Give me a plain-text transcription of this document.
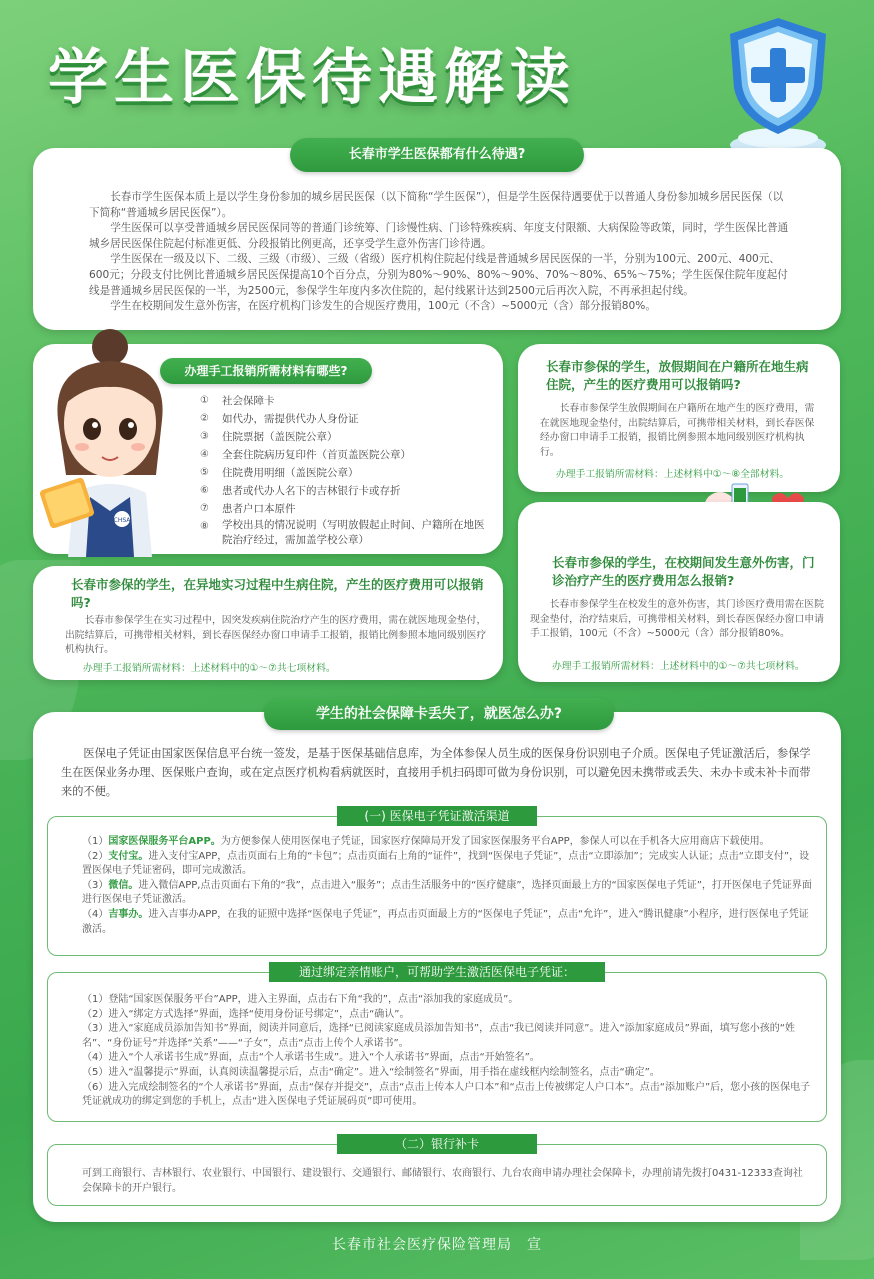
学生医保待遇解读

长春市学生医保本质上是以学生身份参加的城乡居民医保（以下简称“学生医保”），但是学生医保待遇要优于以普通人身份参加城乡居民医保（以下简称“普通城乡居民医保”）。

学生医保可以享受普通城乡居民医保同等的普通门诊统筹、门诊慢性病、门诊特殊疾病、年度支付限额、大病保险等政策，同时，学生医保比普通城乡居民医保住院起付标准更低、分段报销比例更高，还享受学生意外伤害门诊待遇。

学生医保在一级及以下、二级、三级（市级）、三级（省级）医疗机构住院起付线是普通城乡居民医保的一半，分别为100元、200元、400元、600元；分段支付比例比普通城乡居民医保提高10个百分点，分别为80%～90%、80%～90%、70%～80%、65%～75%；学生医保住院年度起付线是普通城乡居民医保的一半，为2500元，参保学生年度内多次住院的，起付线累计达到2500元后再次入院，不再承担起付线。

学生在校期间发生意外伤害，在医疗机构门诊发生的合规医疗费用，100元（不含）~5000元（含）部分报销80%。

长春市学生医保都有什么待遇?
办理手工报销所需材料有哪些?
①	社会保障卡
②	如代办，需提供代办人身份证
③	住院票据（盖医院公章）
④	全套住院病历复印件（首页盖医院公章）
⑤	住院费用明细（盖医院公章）
⑥	患者或代办人名下的吉林银行卡或存折
⑦	患者户口本原件
⑧	学校出具的情况说明（写明放假起止时间、户籍所在地医院治疗经过，需加盖学校公章）
CHSA
长春市参保的学生，放假期间在户籍所在地生病住院，产生的医疗费用可以报销吗?

长春市参保学生放假期间在户籍所在地产生的医疗费用，需在就医地现金垫付，出院结算后，可携带相关材料，到长春医保经办窗口申请手工报销，报销比例参照本地同级别医疗机构执行。

办理手工报销所需材料：上述材料中①～⑧全部材料。

长春市参保的学生，在异地实习过程中生病住院，产生的医疗费用可以报销吗?

长春市参保学生在实习过程中，因突发疾病住院治疗产生的医疗费用，需在就医地现金垫付，出院结算后，可携带相关材料，到长春医保经办窗口申请手工报销，报销比例参照本地同级别医疗机构执行。

办理手工报销所需材料：上述材料中的①～⑦共七项材料。

长春市参保的学生，在校期间发生意外伤害，门诊治疗产生的医疗费用怎么报销?

长春市参保学生在校发生的意外伤害，其门诊医疗费用需在医院现金垫付，治疗结束后，可携带相关材料，到长春医保经办窗口申请手工报销，100元（不含）~5000元（含）部分报销80%。

办理手工报销所需材料：上述材料中的①～⑦共七项材料。

医保电子凭证由国家医保信息平台统一签发，是基于医保基础信息库，为全体参保人员生成的医保身份识别电子介质。医保电子凭证激活后，参保学生在医保业务办理、医保账户查询，或在定点医疗机构看病就医时，直接用手机扫码即可做为身份识别，可以避免因未携带或丢失、未办卡或未补卡而带来的不便。

（1）国家医保服务平台APP。为方便参保人使用医保电子凭证，国家医疗保障局开发了国家医保服务平台APP，参保人可以在手机各大应用商店下载使用。

（2）支付宝。进入支付宝APP，点击页面右上角的“卡包”；点击页面右上角的“证件”，找到“医保电子凭证”，点击“立即添加”；完成实人认证；点击“立即支付”，设置医保电子凭证密码，即可完成激活。

（3）微信。进入微信APP,点击页面右下角的“我”，点击进入“服务”；点击生活服务中的“医疗健康”，选择页面最上方的“国家医保电子凭证”，打开医保电子凭证界面进行医保电子凭证激活。

（4）吉事办。进入吉事办APP，在我的证照中选择“医保电子凭证”，再点击页面最上方的“医保电子凭证”，点击“允许”，进入“腾讯健康”小程序，进行医保电子凭证激活。

(一) 医保电子凭证激活渠道

（1）登陆“国家医保服务平台”APP，进入主界面，点击右下角“我的”，点击“添加我的家庭成员”。

（2）进入“绑定方式选择”界面，选择“使用身份证号绑定”，点击“确认”。

（3）进入“家庭成员添加告知书”界面，阅读并同意后，选择“已阅读家庭成员添加告知书”，点击“我已阅读并同意”。进入“添加家庭成员”界面，填写您小孩的“姓名”、“身份证号”并选择“关系”——“子女”，点击“点击上传个人承诺书”。

（4）进入“个人承诺书生成”界面，点击“个人承诺书生成”。进入“个人承诺书”界面，点击“开始签名”。

（5）进入“温馨提示”界面，认真阅读温馨提示后，点击“确定”。进入“绘制签名”界面，用手指在虚线框内绘制签名，点击“确定”。

（6）进入完成绘制签名的“个人承诺书”界面，点击“保存并提交”，点击“点击上传本人户口本”和“点击上传被绑定人户口本”。点击“添加账户”后，您小孩的医保电子凭证就成功的绑定到您的手机上，点击“进入医保电子凭证展码页”即可使用。

通过绑定亲情账户，可帮助学生激活医保电子凭证：

可到工商银行、吉林银行、农业银行、中国银行、建设银行、交通银行、邮储银行、农商银行、九台农商申请办理社会保障卡，办理前请先拨打0431-12333查询社会保障卡的开户银行。

（二）银行补卡
学生的社会保障卡丢失了，就医怎么办?
长春市社会医疗保险管理局　宣
